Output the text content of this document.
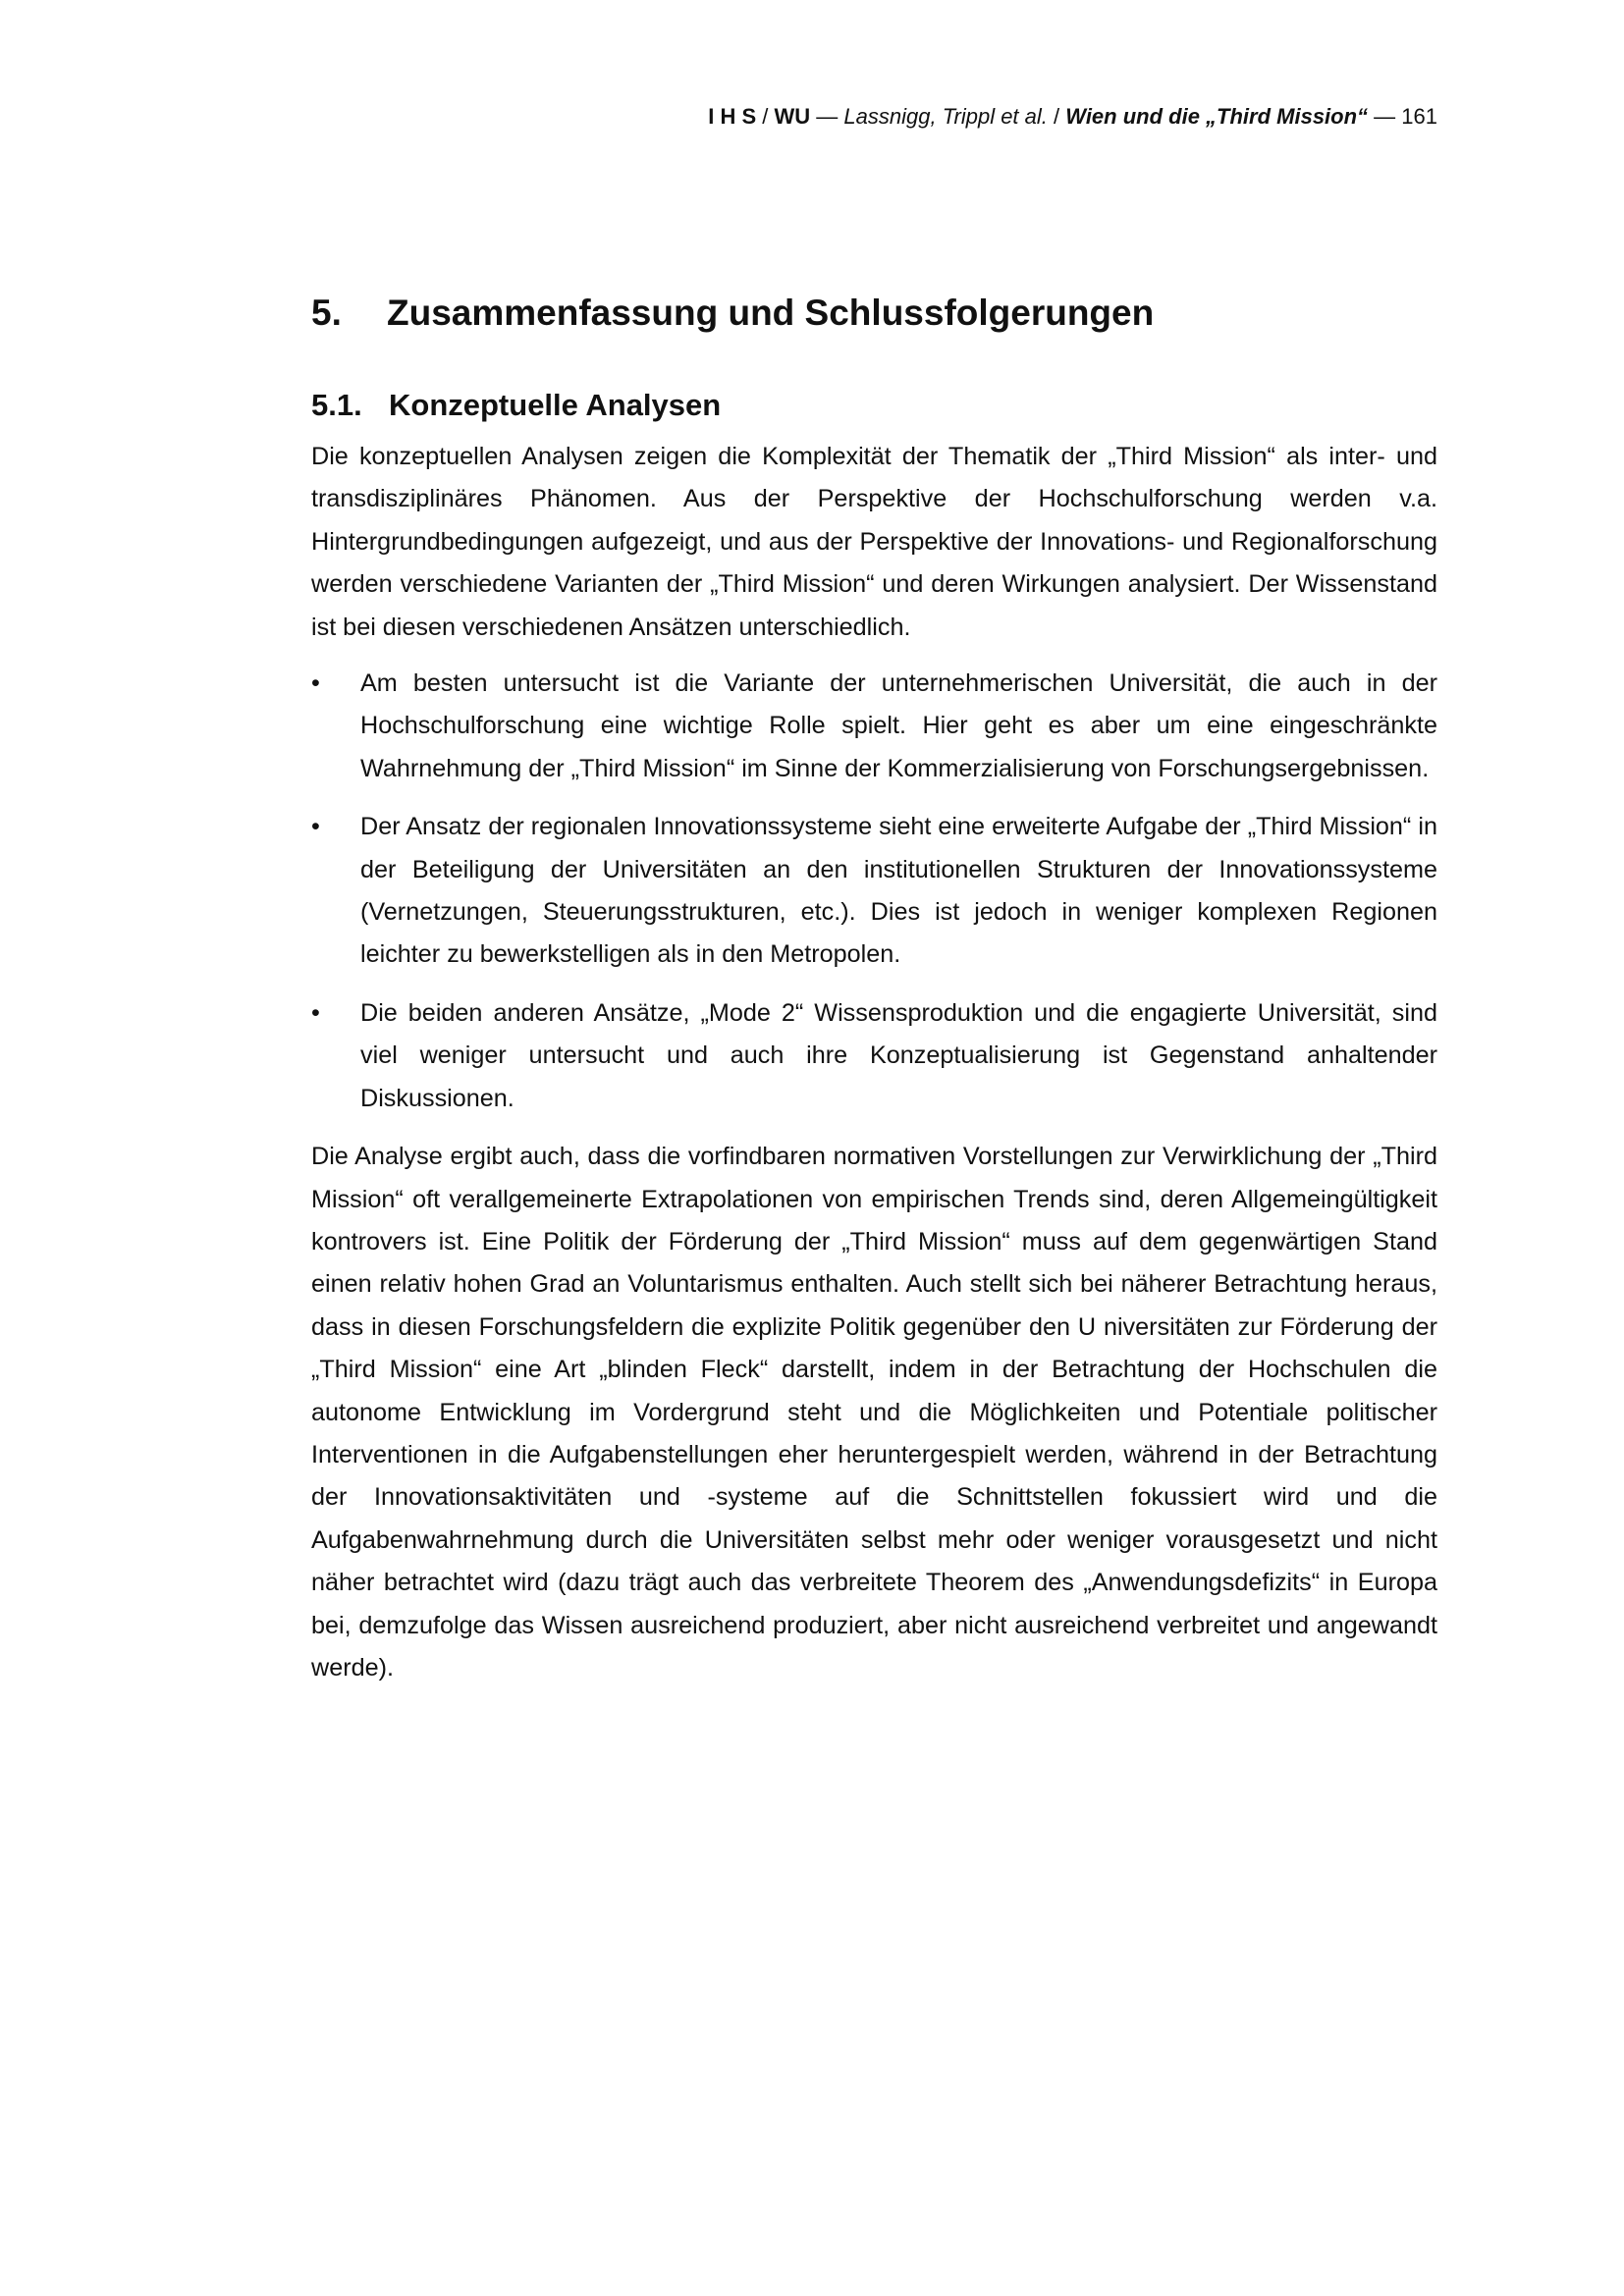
I H S / WU — Lassnigg, Trippl et al. / Wien und die „Third Mission“ — 161
5. Zusammenfassung und Schlussfolgerungen
5.1. Konzeptuelle Analysen

Die konzeptuellen Analysen zeigen die Komplexität der Thematik der „Third Mission“ als inter- und transdisziplinäres Phänomen. Aus der Perspektive der Hochschulforschung werden v.a. Hintergrundbedingungen aufgezeigt, und aus der Perspektive der Innovations- und Regionalforschung werden verschiedene Varianten der „Third Mission“ und deren Wirkungen analysiert. Der Wissenstand ist bei diesen verschiedenen Ansätzen unterschiedlich.

•	Am besten untersucht ist die Variante der unternehmerischen Universität, die auch in der Hochschulforschung eine wichtige Rolle spielt. Hier geht es aber um eine eingeschränkte Wahrnehmung der „Third Mission“ im Sinne der Kommerzialisierung von Forschungsergebnissen.
•	Der Ansatz der regionalen Innovationssysteme sieht eine erweiterte Aufgabe der „Third Mission“ in der Beteiligung der Universitäten an den institutionellen Strukturen der Innovationssysteme (Vernetzungen, Steuerungsstrukturen, etc.). Dies ist jedoch in weniger komplexen Regionen leichter zu bewerkstelligen als in den Metropolen.
•	Die beiden anderen Ansätze, „Mode 2“ Wissensproduktion und die engagierte Universität, sind viel weniger untersucht und auch ihre Konzeptualisierung ist Gegenstand anhaltender Diskussionen.

Die Analyse ergibt auch, dass die vorfindbaren normativen Vorstellungen zur Verwirklichung der „Third Mission“ oft verallgemeinerte Extrapolationen von empirischen Trends sind, deren Allgemeingültigkeit kontrovers ist. Eine Politik der Förderung der „Third Mission“ muss auf dem gegenwärtigen Stand einen relativ hohen Grad an Voluntarismus enthalten. Auch stellt sich bei näherer Betrachtung heraus, dass in diesen Forschungsfeldern die explizite Politik gegenüber den U niversitäten zur Förderung der „Third Mission“ eine Art „blinden Fleck“ darstellt, indem in der Betrachtung der Hochschulen die autonome Entwicklung im Vordergrund steht und die Möglichkeiten und Potentiale politischer Interventionen in die Aufgabenstellungen eher heruntergespielt werden, während in der Betrachtung der Innovationsaktivitäten und -systeme auf die Schnittstellen fokussiert wird und die Aufgabenwahrnehmung durch die Universitäten selbst mehr oder weniger vorausgesetzt und nicht näher betrachtet wird (dazu trägt auch das verbreitete Theorem des „Anwendungsdefizits“ in Europa bei, demzufolge das Wissen ausreichend produziert, aber nicht ausreichend verbreitet und angewandt werde).
